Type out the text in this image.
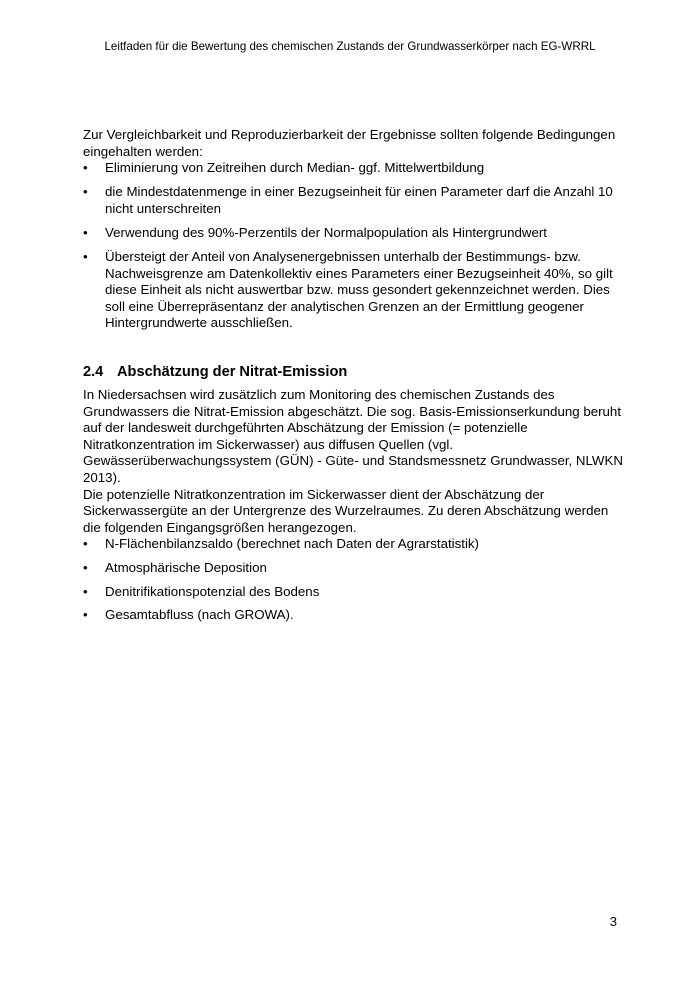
Leitfaden für die Bewertung des chemischen Zustands der Grundwasserkörper nach EG-WRRL

Zur Vergleichbarkeit und Reproduzierbarkeit der Ergebnisse sollten folgende Bedingungen eingehalten werden:

• Eliminierung von Zeitreihen durch Median- ggf. Mittelwertbildung
• die Mindestdatenmenge in einer Bezugseinheit für einen Parameter darf die Anzahl 10 nicht unterschreiten
• Verwendung des 90%-Perzentils der Normalpopulation als Hintergrundwert
• Übersteigt der Anteil von Analysenergebnissen unterhalb der Bestimmungs- bzw. Nachweisgrenze am Datenkollektiv eines Parameters einer Bezugseinheit 40%, so gilt diese Einheit als nicht auswertbar bzw. muss gesondert gekennzeichnet werden. Dies soll eine Überrepräsentanz der analytischen Grenzen an der Ermittlung geogener Hintergrundwerte ausschließen.
2.4 Abschätzung der Nitrat-Emission

In Niedersachsen wird zusätzlich zum Monitoring des chemischen Zustands des Grundwassers die Nitrat-Emission abgeschätzt. Die sog. Basis-Emissionserkundung beruht auf der landesweit durchgeführten Abschätzung der Emission (= potenzielle Nitratkonzentration im Sickerwasser) aus diffusen Quellen (vgl. Gewässerüberwachungssystem (GÜN) - Güte- und Standsmessnetz Grundwasser, NLWKN 2013).

Die potenzielle Nitratkonzentration im Sickerwasser dient der Abschätzung der Sickerwassergüte an der Untergrenze des Wurzelraumes. Zu deren Abschätzung werden die folgenden Eingangsgrößen herangezogen.

• N-Flächenbilanzsaldo (berechnet nach Daten der Agrarstatistik)
• Atmosphärische Deposition
• Denitrifikationspotenzial des Bodens
• Gesamtabfluss (nach GROWA).
3
